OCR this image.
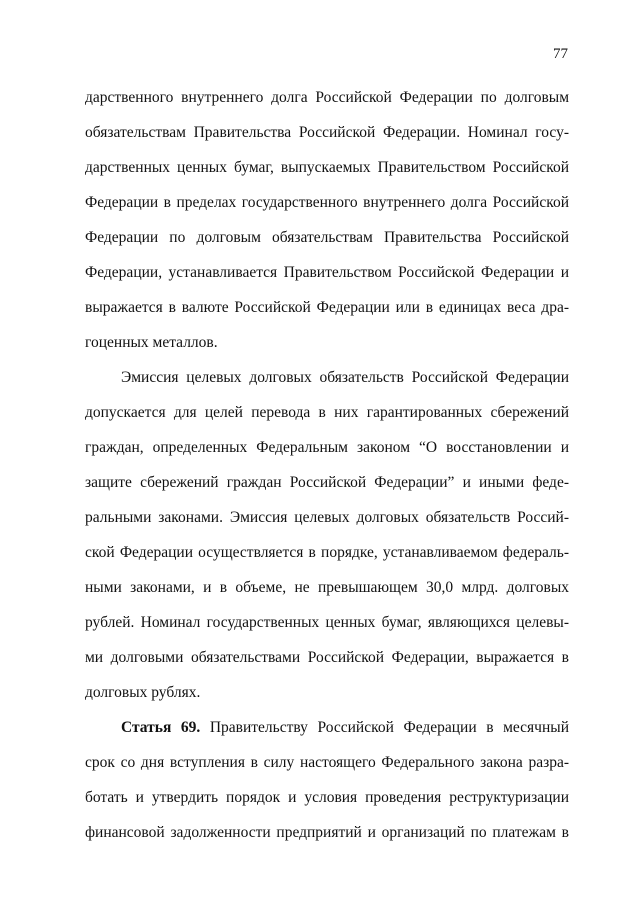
77
дарственного внутреннего долга Российской Федерации по долговым
обязательствам Правительства Российской Федерации. Номинал госу-
дарственных ценных бумаг, выпускаемых Правительством Российской
Федерации в пределах государственного внутреннего долга Российской
Федерации по долговым обязательствам Правительства Российской
Федерации, устанавливается Правительством Российской Федерации и
выражается в валюте Российской Федерации или в единицах веса дра-
гоценных металлов.
Эмиссия целевых долговых обязательств Российской Федерации
допускается для целей перевода в них гарантированных сбережений
граждан, определенных Федеральным законом “О восстановлении и
защите сбережений граждан Российской Федерации” и иными феде-
ральными законами. Эмиссия целевых долговых обязательств Россий-
ской Федерации осуществляется в порядке, устанавливаемом федераль-
ными законами, и в объеме, не превышающем 30,0 млрд. долговых
рублей. Номинал государственных ценных бумаг, являющихся целевы-
ми долговыми обязательствами Российской Федерации, выражается в
долговых рублях.
Статья 69. Правительству Российской Федерации в месячный
срок со дня вступления в силу настоящего Федерального закона разра-
ботать и утвердить порядок и условия проведения реструктуризации
финансовой задолженности предприятий и организаций по платежам в
